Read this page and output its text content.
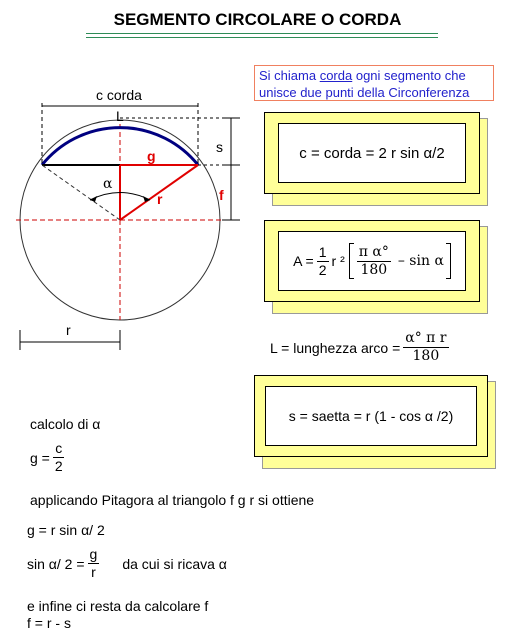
SEGMENTO CIRCOLARE O CORDA
Si chiama corda ogni segmento che unisce due punti della Circonferenza
c corda
L
g
s
f
r
α
r
c = corda = 2 r sin α/2
$A = \frac{1}{2}$ r $^2 \frac{\text{π α°}}{180}$ – sin α
L = lunghezza arco = $\frac{\text{α° π r}}{180}$
s = saetta = r (1 - cos α /2)
calcolo di α
$g = \frac{c}{2}$
applicando Pitagora al triangolo f g r si ottiene
g = r sin α/ 2
sin α/ $2 = \frac{g}{r}$ da cui si ricava α
e infine ci resta da calcolare f
f = r - s
